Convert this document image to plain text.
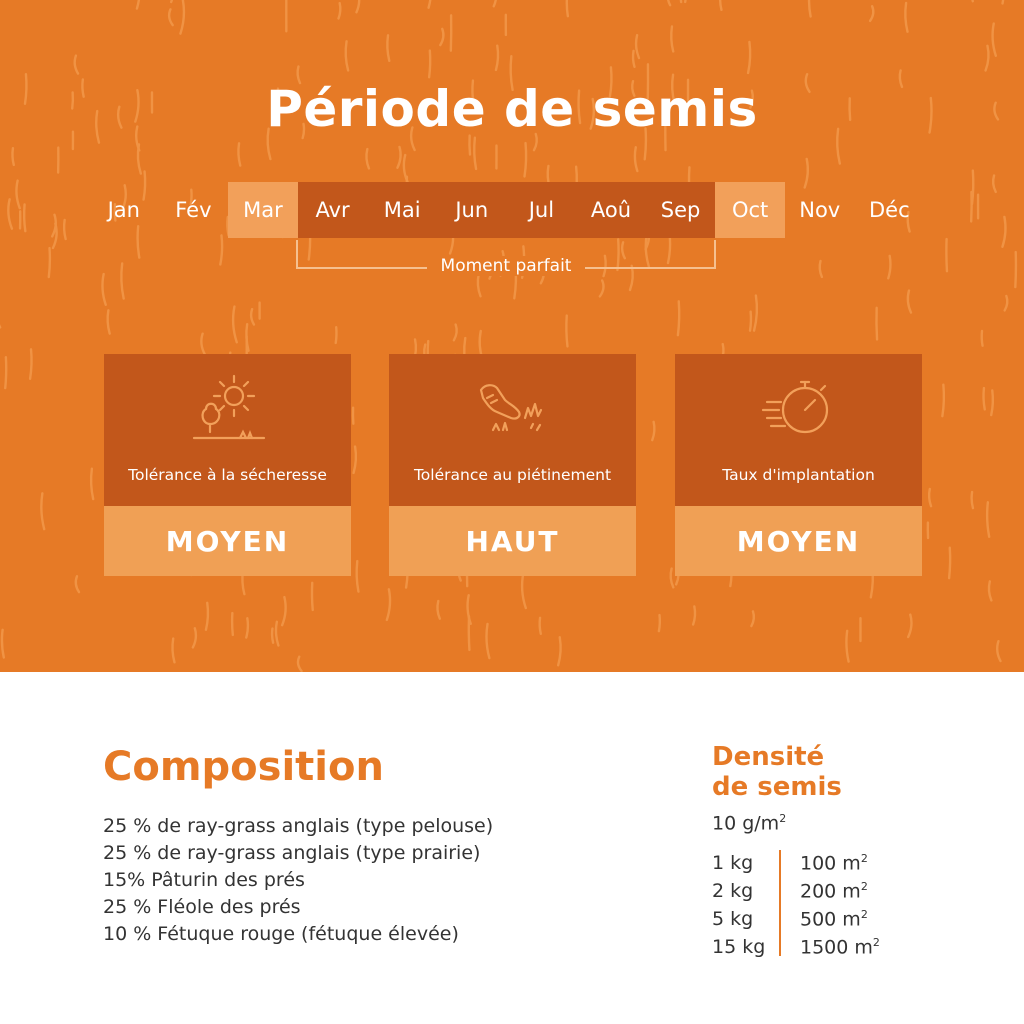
Période de semis
Jan Fév Mar Avr Mai Jun Jul Aoû Sep Oct Nov Déc
Moment parfait
Tolérance à la sécheresse
MOYEN
Tolérance au piétinement
HAUT
Taux d'implantation
MOYEN
Composition
25 % de ray-grass anglais (type pelouse)
25 % de ray-grass anglais (type prairie)
15% Pâturin des prés
25 % Fléole des prés
10 % Fétuque rouge (fétuque élevée)
Densité
de semis
10 $g/m^2$
1 kg	100 $m^2$
2 kg	200 $m^2$
5 kg	500 $m^2$
15 kg	1500 $m^2$
